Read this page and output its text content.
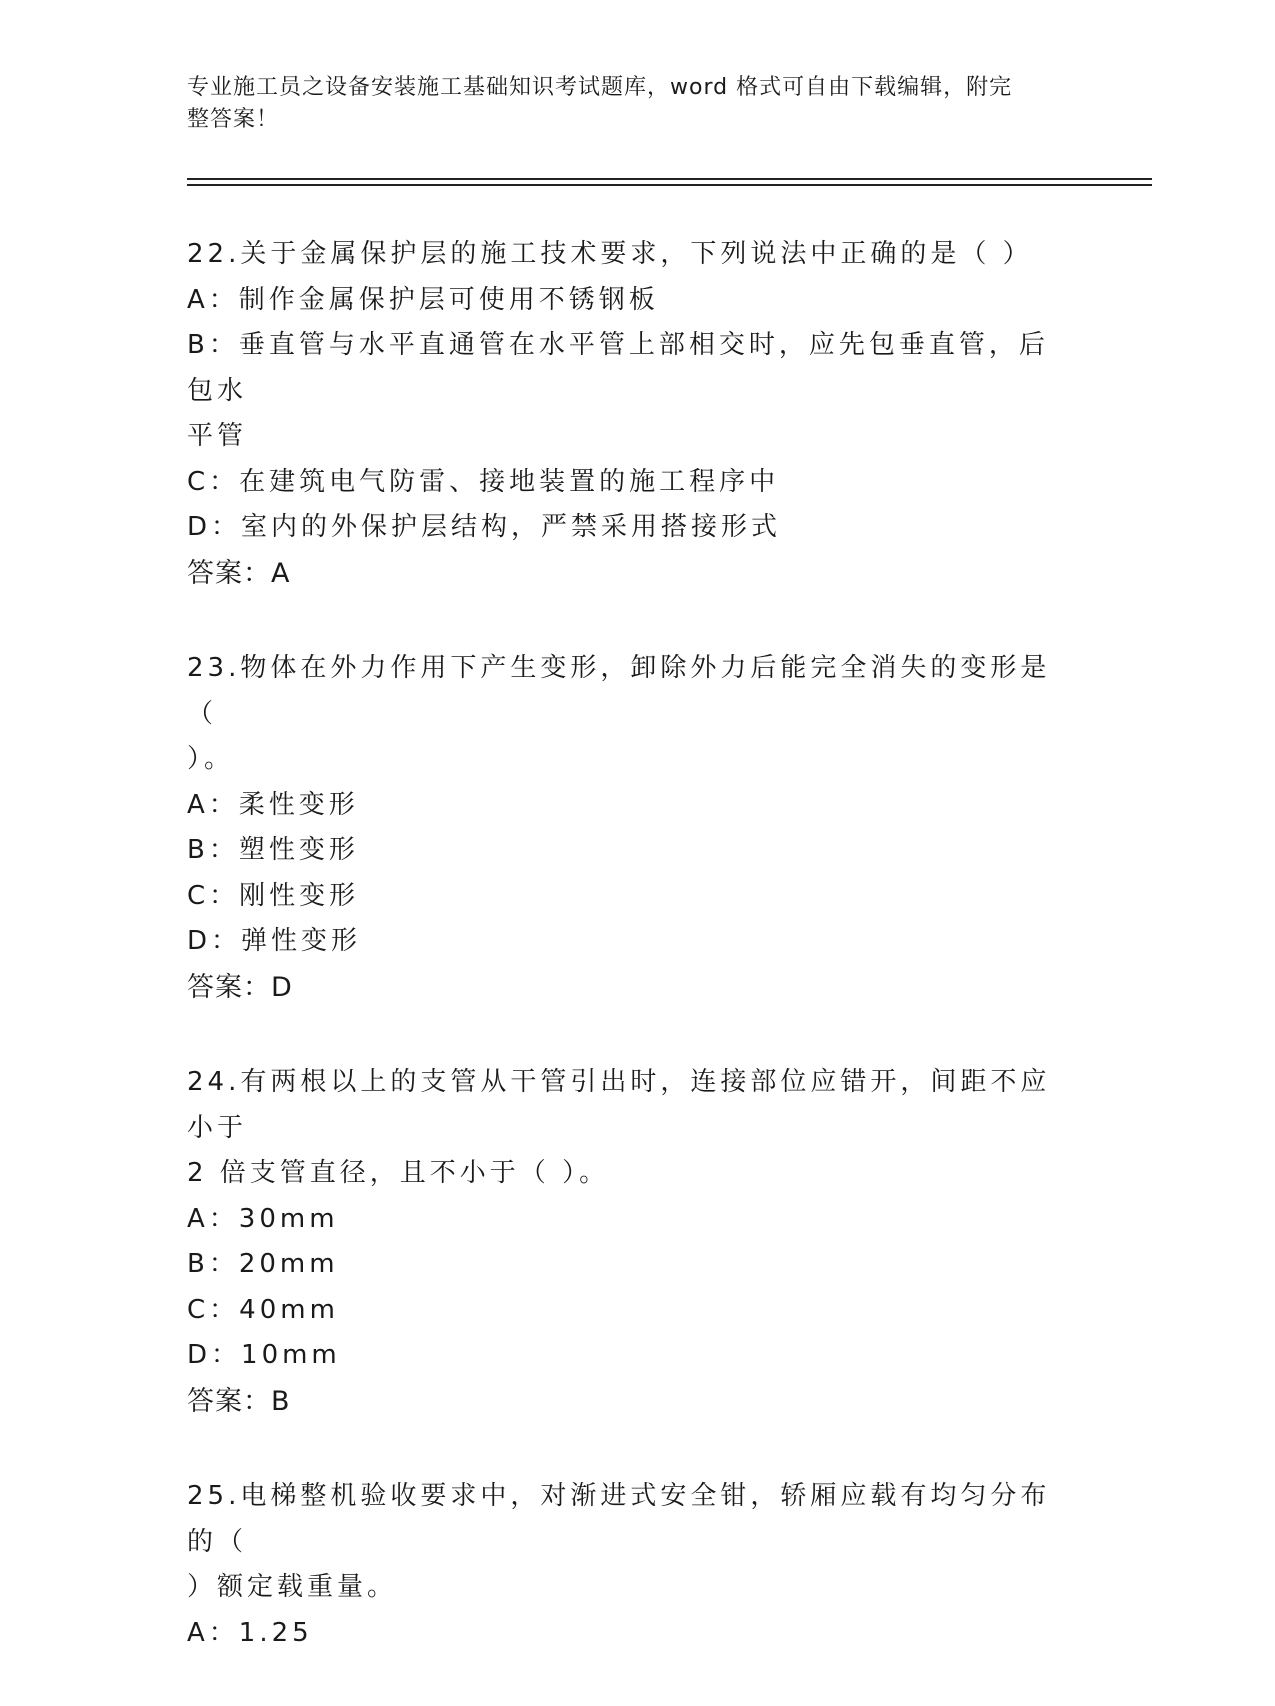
专业施工员之设备安装施工基础知识考试题库，word 格式可自由下载编辑，附完
整答案！
22.关于金属保护层的施工技术要求，下列说法中正确的是（ ）
A：制作金属保护层可使用不锈钢板
B：垂直管与水平直通管在水平管上部相交时，应先包垂直管，后包水
平管
C：在建筑电气防雷、接地装置的施工程序中
D：室内的外保护层结构，严禁采用搭接形式
答案：A
23.物体在外力作用下产生变形，卸除外力后能完全消失的变形是（
）。
A：柔性变形
B：塑性变形
C：刚性变形
D：弹性变形
答案：D
24.有两根以上的支管从干管引出时，连接部位应错开，间距不应小于
2 倍支管直径，且不小于（ ）。
A：30mm
B：20mm
C：40mm
D：10mm
答案：B
25.电梯整机验收要求中，对渐进式安全钳，轿厢应载有均匀分布的（
）额定载重量。
A：1.25
